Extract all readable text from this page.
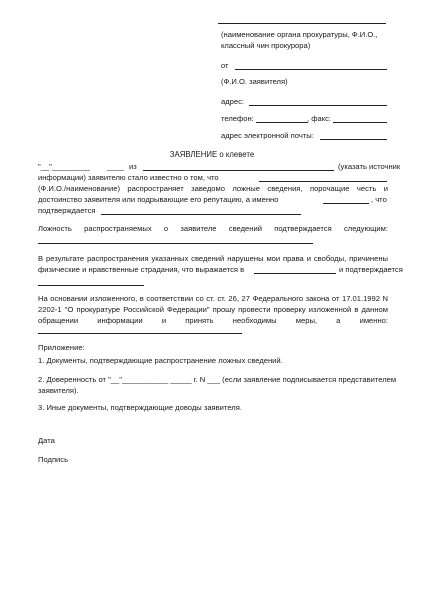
(наименование органа прокуратуры, Ф.И.О.,
классный чин прокурора)
от
(Ф.И.О. заявителя)
адрес:
телефон:	, факс:
адрес электронной почты:
ЗАЯВЛЕНИЕ о клевете
"__"_________ ____ из	(указать источник
информации) заявителю стало известно о том, что
(Ф.И.О./наименование) распространяет заведомо ложные сведения, порочащие честь и
достоинство заявителя или подрывающие его репутацию, а именно	, что
подтверждается
Ложность распространяемых о заявителе сведений подтверждается следующим:
В результате распространения указанных сведений нарушены мои права и свободы, причинены
физические и нравственные страдания, что выражается в	и подтверждается
На основании изложенного, в соответствии со ст. ст. 26, 27 Федерального закона от 17.01.1992 N
2202-1 "О прокуратуре Российской Федерации" прошу провести проверку изложенной в данном
обращении информации и принять необходимы меры, а именно:
Приложение:
1. Документы, подтверждающие распространение ложных сведений.
2. Доверенность от "__"___________ _____ г. N ___ (если заявление подписывается представителем
заявителя).
3. Иные документы, подтверждающие доводы заявителя.
Дата
Подпись
